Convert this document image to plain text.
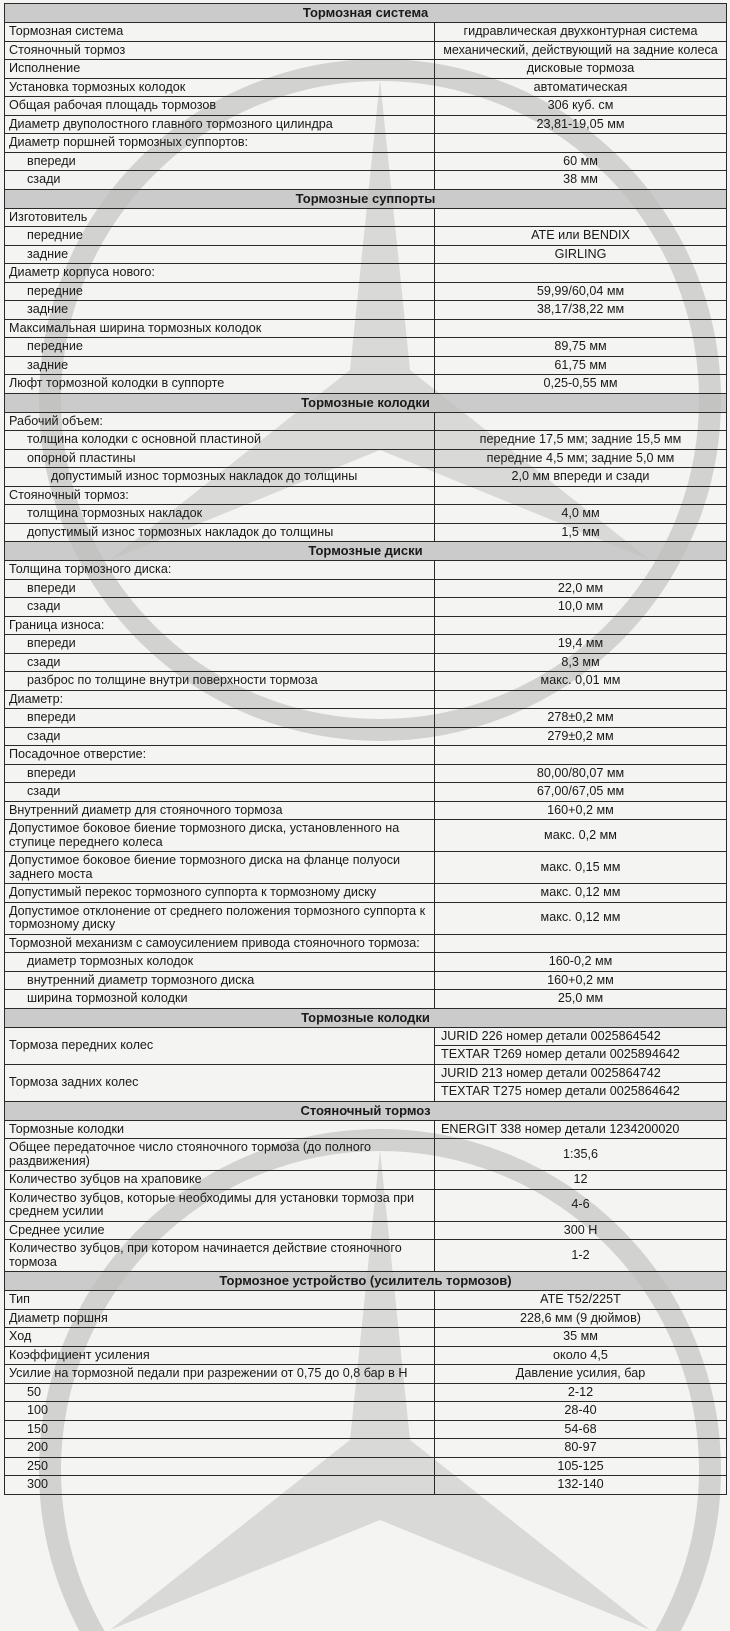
Тормозная система	
Тормозная система	гидравлическая двухконтурная система
Стояночный тормоз	механический, действующий на задние колеса
Исполнение	дисковые тормоза
Установка тормозных колодок	автоматическая
Общая рабочая площадь тормозов	306 куб. см
Диаметр двуполостного главного тормозного цилиндра	23,81-19,05 мм
Диаметр поршней тормозных суппортов:	
впереди	60 мм
сзади	38 мм
Тормозные суппорты	
Изготовитель	
передние	ATE или BENDIX
задние	GIRLING
Диаметр корпуса нового:	
передние	59,99/60,04 мм
задние	38,17/38,22 мм
Максимальная ширина тормозных колодок	
передние	89,75 мм
задние	61,75 мм
Люфт тормозной колодки в суппорте	0,25-0,55 мм
Тормозные колодки	
Рабочий объем:	
толщина колодки с основной пластиной	передние 17,5 мм; задние 15,5 мм
опорной пластины	передние 4,5 мм; задние 5,0 мм
допустимый износ тормозных накладок до толщины	2,0 мм впереди и сзади
Стояночный тормоз:	
толщина тормозных накладок	4,0 мм
допустимый износ тормозных накладок до толщины	1,5 мм
Тормозные диски	
Толщина тормозного диска:	
впереди	22,0 мм
сзади	10,0 мм
Граница износа:	
впереди	19,4 мм
сзади	8,3 мм
разброс по толщине внутри поверхности тормоза	макс. 0,01 мм
Диаметр:	
впереди	278±0,2 мм
сзади	279±0,2 мм
Посадочное отверстие:	
впереди	80,00/80,07 мм
сзади	67,00/67,05 мм
Внутренний диаметр для стояночного тормоза	160+0,2 мм
Допустимое боковое биение тормозного диска, установленного на ступице переднего колеса	макс. 0,2 мм
Допустимое боковое биение тормозного диска на фланце полуоси заднего моста	макс. 0,15 мм
Допустимый перекос тормозного суппорта к тормозному диску	макс. 0,12 мм
Допустимое отклонение от среднего положения тормозного суппорта к тормозному диску	макс. 0,12 мм
Тормозной механизм с самоусилением привода стояночного тормоза:	
диаметр тормозных колодок	160-0,2 мм
внутренний диаметр тормозного диска	160+0,2 мм
ширина тормозной колодки	25,0 мм
Тормозные колодки	
Тормоза передних колес	JURID 226 номер детали 0025864542
	TEXTAR T269 номер детали 0025894642
Тормоза задних колес	JURID 213 номер детали 0025864742
	TEXTAR T275 номер детали 0025864642
Стояночный тормоз	
Тормозные колодки	ENERGIT 338 номер детали 1234200020
Общее передаточное число стояночного тормоза (до полного раздвижения)	1:35,6
Количество зубцов на храповике	12
Количество зубцов, которые необходимы для установки тормоза при среднем усилии	4-6
Среднее усилие	300 Н
Количество зубцов, при котором начинается действие стояночного тормоза	1-2
Тормозное устройство (усилитель тормозов)	
Тип	ATE T52/225T
Диаметр поршня	228,6 мм (9 дюймов)
Ход	35 мм
Коэффициент усиления	около 4,5
Усилие на тормозной педали при разрежении от 0,75 до 0,8 бар в Н	Давление усилия, бар
50	2-12
100	28-40
150	54-68
200	80-97
250	105-125
300	132-140
